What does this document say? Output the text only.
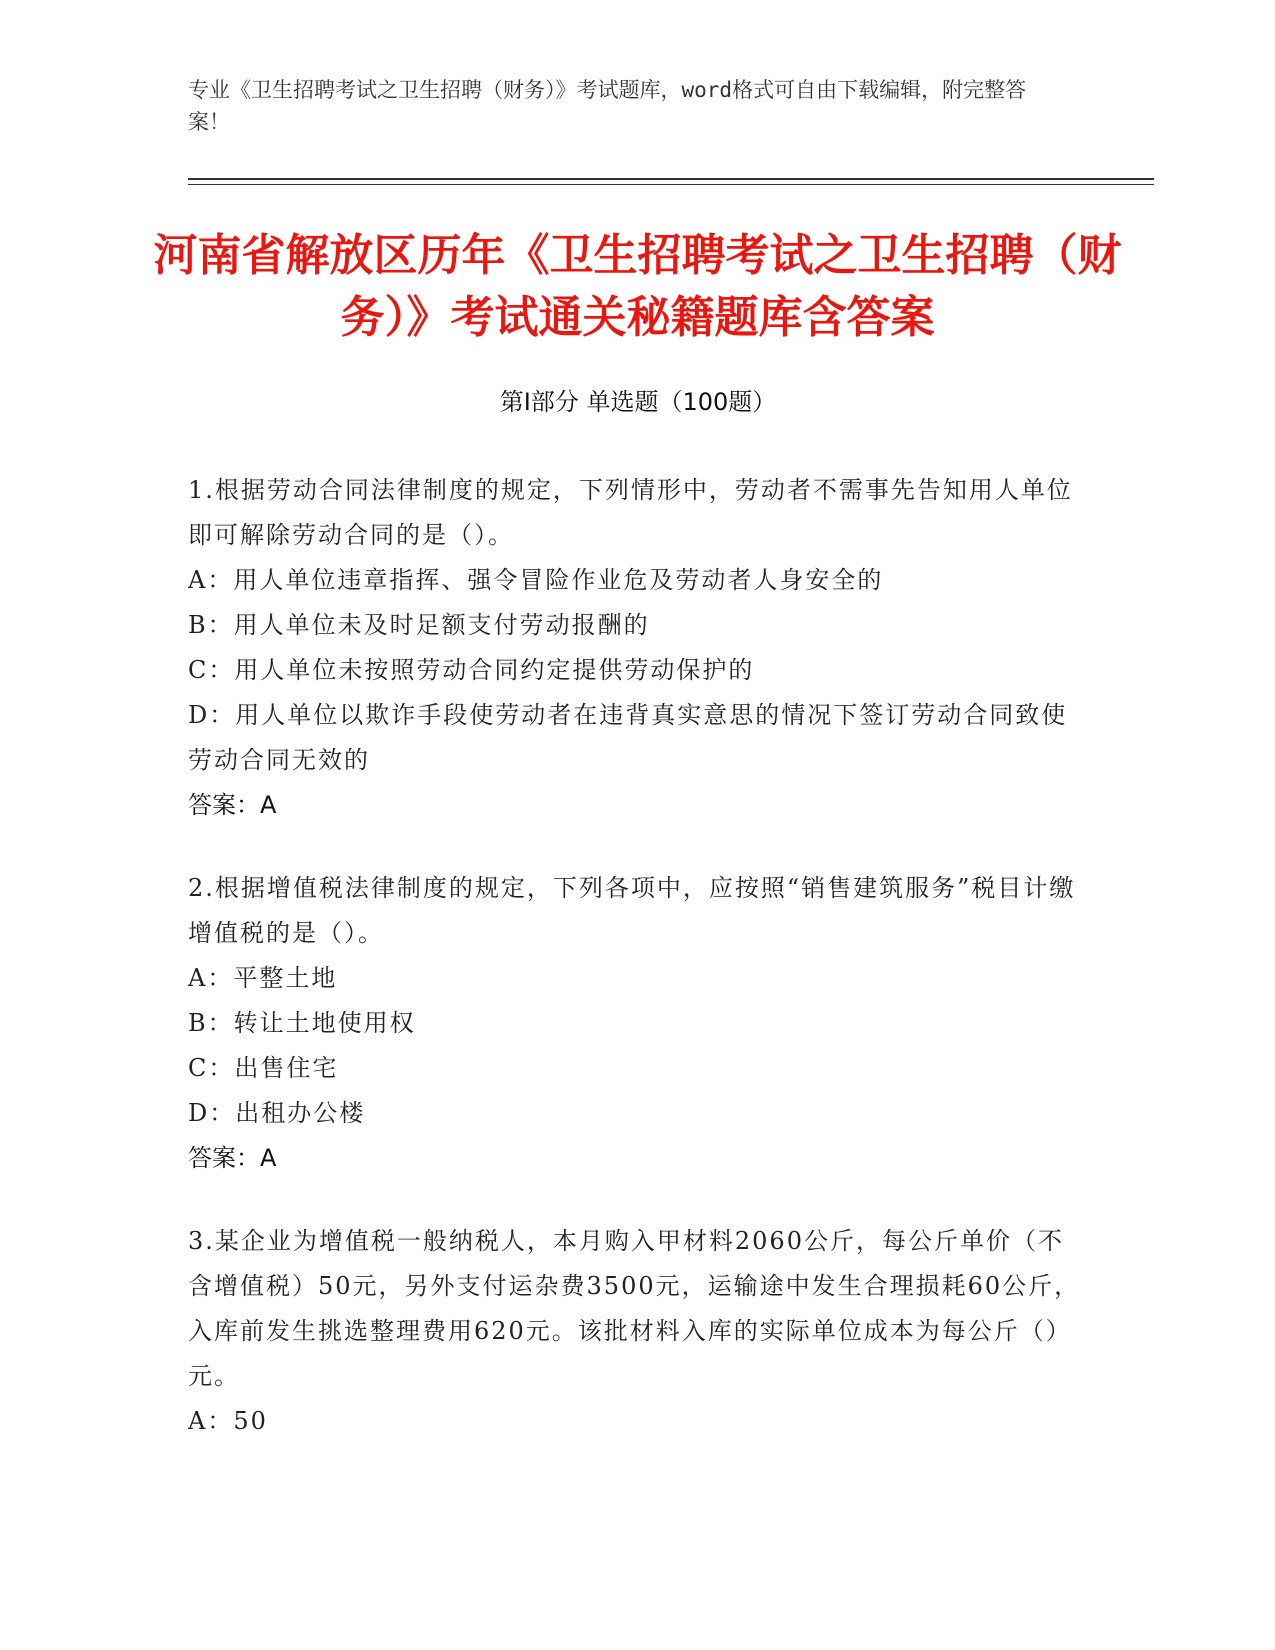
专业《卫生招聘考试之卫生招聘（财务）》考试题库，word格式可自由下载编辑，附完整答案！
河南省解放区历年《卫生招聘考试之卫生招聘（财务）》考试通关秘籍题库含答案
第Ⅰ部分 单选题（100题）

1.根据劳动合同法律制度的规定，下列情形中，劳动者不需事先告知用人单位即可解除劳动合同的是（）。

A：用人单位违章指挥、强令冒险作业危及劳动者人身安全的

B：用人单位未及时足额支付劳动报酬的

C：用人单位未按照劳动合同约定提供劳动保护的

D：用人单位以欺诈手段使劳动者在违背真实意思的情况下签订劳动合同致使劳动合同无效的

答案：A

2.根据增值税法律制度的规定，下列各项中，应按照“销售建筑服务”税目计缴增值税的是（）。

A：平整土地

B：转让土地使用权

C：出售住宅

D：出租办公楼

答案：A

3.某企业为增值税一般纳税人，本月购入甲材料2060公斤，每公斤单价（不含增值税）50元，另外支付运杂费3500元，运输途中发生合理损耗60公斤，入库前发生挑选整理费用620元。该批材料入库的实际单位成本为每公斤（）元。

A：50
